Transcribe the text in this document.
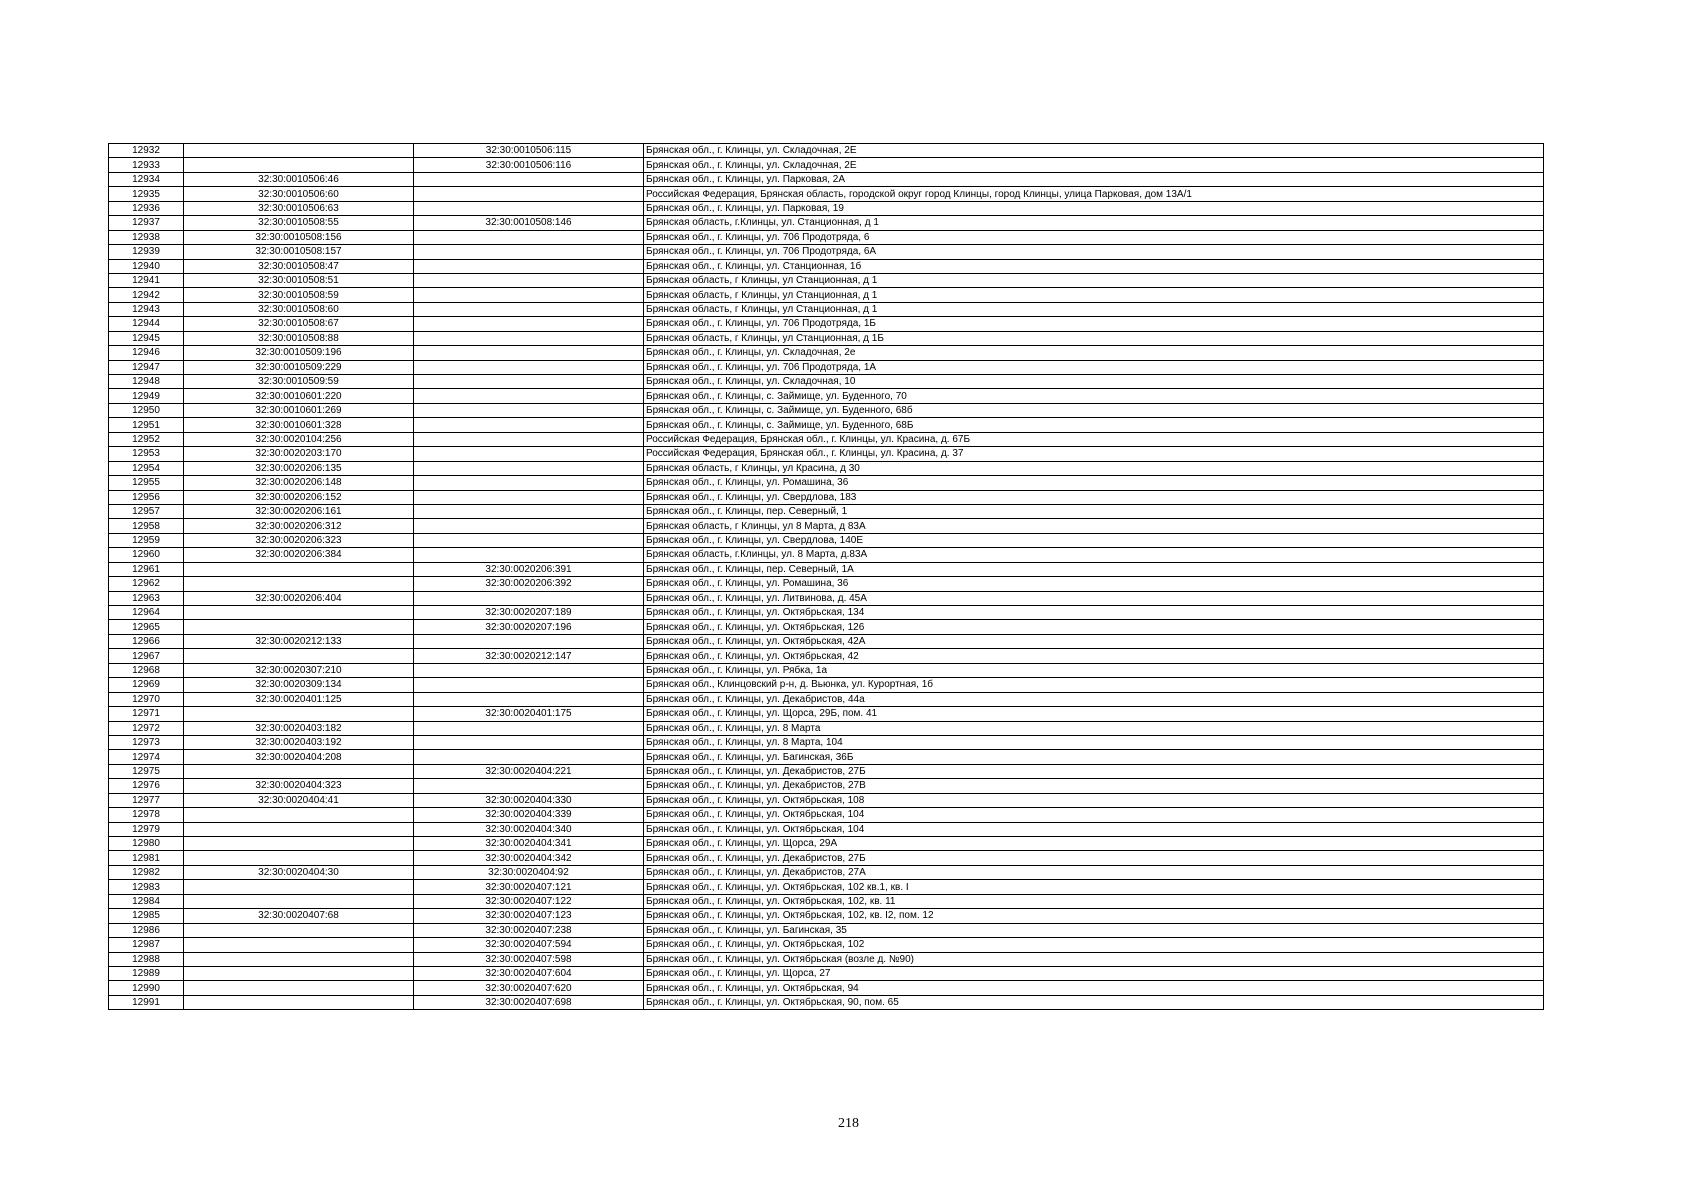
12932		32:30:0010506:115	Брянская обл., г. Клинцы, ул. Складочная, 2Е
12933		32:30:0010506:116	Брянская обл., г. Клинцы, ул. Складочная, 2Е
12934	32:30:0010506:46		Брянская обл., г. Клинцы, ул. Парковая, 2А
12935	32:30:0010506:60		Российская Федерация, Брянская область, городской округ город Клинцы, город Клинцы, улица Парковая, дом 13А/1
12936	32:30:0010506:63		Брянская обл., г. Клинцы, ул. Парковая, 19
12937	32:30:0010508:55	32:30:0010508:146	Брянская область, г.Клинцы, ул. Станционная, д 1
12938	32:30:0010508:156		Брянская обл., г. Клинцы, ул. 706 Продотряда, 6
12939	32:30:0010508:157		Брянская обл., г. Клинцы, ул. 706 Продотряда, 6А
12940	32:30:0010508:47		Брянская обл., г. Клинцы, ул. Станционная, 1б
12941	32:30:0010508:51		Брянская область, г Клинцы, ул Станционная, д 1
12942	32:30:0010508:59		Брянская область, г Клинцы, ул Станционная, д 1
12943	32:30:0010508:60		Брянская область, г Клинцы, ул Станционная, д 1
12944	32:30:0010508:67		Брянская обл., г. Клинцы, ул. 706 Продотряда, 1Б
12945	32:30:0010508:88		Брянская область, г Клинцы, ул Станционная, д 1Б
12946	32:30:0010509:196		Брянская обл., г. Клинцы, ул. Складочная, 2е
12947	32:30:0010509:229		Брянская обл., г. Клинцы, ул. 706 Продотряда, 1А
12948	32:30:0010509:59		Брянская обл., г. Клинцы, ул. Складочная, 10
12949	32:30:0010601:220		Брянская обл., г. Клинцы, с. Займище, ул. Буденного, 70
12950	32:30:0010601:269		Брянская обл., г. Клинцы, с. Займище, ул. Буденного, 68б
12951	32:30:0010601:328		Брянская обл., г. Клинцы, с. Займище, ул. Буденного, 68Б
12952	32:30:0020104:256		Российская Федерация, Брянская обл., г. Клинцы, ул. Красина, д. 67Б
12953	32:30:0020203:170		Российская Федерация, Брянская обл., г. Клинцы, ул. Красина, д. 37
12954	32:30:0020206:135		Брянская область, г Клинцы, ул Красина, д 30
12955	32:30:0020206:148		Брянская обл., г. Клинцы, ул. Ромашина, 36
12956	32:30:0020206:152		Брянская обл., г. Клинцы, ул. Свердлова, 183
12957	32:30:0020206:161		Брянская обл., г. Клинцы, пер. Северный, 1
12958	32:30:0020206:312		Брянская область, г Клинцы, ул 8 Марта, д 83А
12959	32:30:0020206:323		Брянская обл., г. Клинцы, ул. Свердлова, 140Е
12960	32:30:0020206:384		Брянская область, г.Клинцы, ул. 8 Марта, д.83А
12961		32:30:0020206:391	Брянская обл., г. Клинцы, пер. Северный, 1А
12962		32:30:0020206:392	Брянская обл., г. Клинцы, ул. Ромашина, 36
12963	32:30:0020206:404		Брянская обл., г. Клинцы, ул. Литвинова, д. 45А
12964		32:30:0020207:189	Брянская обл., г. Клинцы, ул. Октябрьская, 134
12965		32:30:0020207:196	Брянская обл., г. Клинцы, ул. Октябрьская, 126
12966	32:30:0020212:133		Брянская обл., г. Клинцы, ул. Октябрьская, 42А
12967		32:30:0020212:147	Брянская обл., г. Клинцы, ул. Октябрьская, 42
12968	32:30:0020307:210		Брянская обл., г. Клинцы, ул. Рябка, 1а
12969	32:30:0020309:134		Брянская обл., Клинцовский р-н, д. Вьюнка, ул. Курортная, 1б
12970	32:30:0020401:125		Брянская обл., г. Клинцы, ул. Декабристов, 44а
12971		32:30:0020401:175	Брянская обл., г. Клинцы, ул. Щорса, 29Б, пом. 41
12972	32:30:0020403:182		Брянская обл., г. Клинцы, ул. 8 Марта
12973	32:30:0020403:192		Брянская обл., г. Клинцы, ул. 8 Марта, 104
12974	32:30:0020404:208		Брянская обл., г. Клинцы, ул. Багинская, 36Б
12975		32:30:0020404:221	Брянская обл., г. Клинцы, ул. Декабристов, 27Б
12976	32:30:0020404:323		Брянская обл., г. Клинцы, ул. Декабристов, 27В
12977	32:30:0020404:41	32:30:0020404:330	Брянская обл., г. Клинцы, ул. Октябрьская, 108
12978		32:30:0020404:339	Брянская обл., г. Клинцы, ул. Октябрьская, 104
12979		32:30:0020404:340	Брянская обл., г. Клинцы, ул. Октябрьская, 104
12980		32:30:0020404:341	Брянская обл., г. Клинцы, ул. Щорса, 29А
12981		32:30:0020404:342	Брянская обл., г. Клинцы, ул. Декабристов, 27Б
12982	32:30:0020404:30	32:30:0020404:92	Брянская обл., г. Клинцы, ул. Декабристов, 27А
12983		32:30:0020407:121	Брянская обл., г. Клинцы, ул. Октябрьская, 102 кв.1, кв. I
12984		32:30:0020407:122	Брянская обл., г. Клинцы, ул. Октябрьская, 102, кв. 11
12985	32:30:0020407:68	32:30:0020407:123	Брянская обл., г. Клинцы, ул. Октябрьская, 102, кв. I2, пом. 12
12986		32:30:0020407:238	Брянская обл., г. Клинцы, ул. Багинская, 35
12987		32:30:0020407:594	Брянская обл., г. Клинцы, ул. Октябрьская, 102
12988		32:30:0020407:598	Брянская обл., г. Клинцы, ул. Октябрьская (возле д. №90)
12989		32:30:0020407:604	Брянская обл., г. Клинцы, ул. Щорса, 27
12990		32:30:0020407:620	Брянская обл., г. Клинцы, ул. Октябрьская, 94
12991		32:30:0020407:698	Брянская обл., г. Клинцы, ул. Октябрьская, 90, пом. 65
218
